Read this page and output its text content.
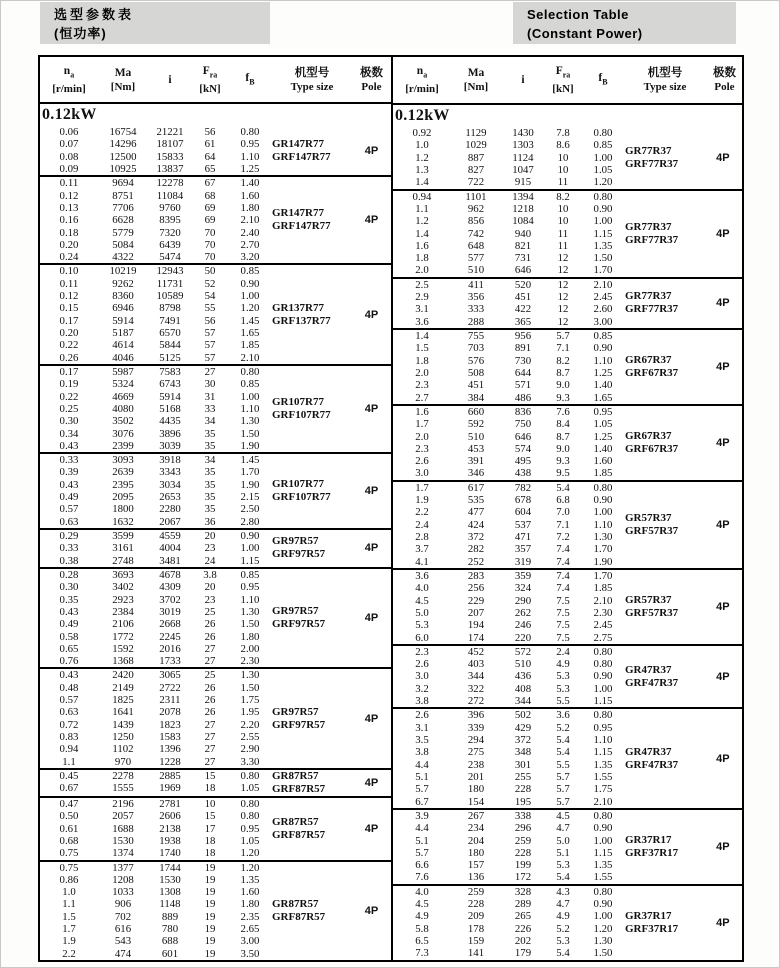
选型参数表
(恒功率)
Selection Table
(Constant Power)
$n_a$
[r/min]
Ma
[Nm]
i
$F_{ra}$
[kN]
$f_B$
机型号
Type size
极数
Pole
0.12kW
0.06	16754	21221	56	0.80
0.07	14296	18107	61	0.95
0.08	12500	15833	64	1.10
0.09	10925	13837	65	1.25
GR147R77
GRF147R77	4P
0.11	9694	12278	67	1.40
0.12	8751	11084	68	1.60
0.13	7706	9760	69	1.80
0.16	6628	8395	69	2.10
0.18	5779	7320	70	2.40
0.20	5084	6439	70	2.70
0.24	4322	5474	70	3.20
GR147R77
GRF147R77	4P
0.10	10219	12943	50	0.85
0.11	9262	11731	52	0.90
0.12	8360	10589	54	1.00
0.15	6946	8798	55	1.20
0.17	5914	7491	56	1.45
0.20	5187	6570	57	1.65
0.22	4614	5844	57	1.85
0.26	4046	5125	57	2.10
GR137R77
GRF137R77	4P
0.17	5987	7583	27	0.80
0.19	5324	6743	30	0.85
0.22	4669	5914	31	1.00
0.25	4080	5168	33	1.10
0.30	3502	4435	34	1.30
0.34	3076	3896	35	1.50
0.43	2399	3039	35	1.90
GR107R77
GRF107R77	4P
0.33	3093	3918	34	1.45
0.39	2639	3343	35	1.70
0.43	2395	3034	35	1.90
0.49	2095	2653	35	2.15
0.57	1800	2280	35	2.50
0.63	1632	2067	36	2.80
GR107R77
GRF107R77	4P
0.29	3599	4559	20	0.90
0.33	3161	4004	23	1.00
0.38	2748	3481	24	1.15
GR97R57
GRF97R57	4P
0.28	3693	4678	3.8	0.85
0.30	3402	4309	20	0.95
0.35	2923	3702	23	1.10
0.43	2384	3019	25	1.30
0.49	2106	2668	26	1.50
0.58	1772	2245	26	1.80
0.65	1592	2016	27	2.00
0.76	1368	1733	27	2.30
GR97R57
GRF97R57	4P
0.43	2420	3065	25	1.30
0.48	2149	2722	26	1.50
0.57	1825	2311	26	1.75
0.63	1641	2078	26	1.95
0.72	1439	1823	27	2.20
0.83	1250	1583	27	2.55
0.94	1102	1396	27	2.90
1.1	970	1228	27	3.30
GR97R57
GRF97R57	4P
0.45	2278	2885	15	0.80
0.67	1555	1969	18	1.05
GR87R57
GRF87R57	4P
0.47	2196	2781	10	0.80
0.50	2057	2606	15	0.80
0.61	1688	2138	17	0.95
0.68	1530	1938	18	1.05
0.75	1374	1740	18	1.20
GR87R57
GRF87R57	4P
0.75	1377	1744	19	1.20
0.86	1208	1530	19	1.35
1.0	1033	1308	19	1.60
1.1	906	1148	19	1.80
1.5	702	889	19	2.35
1.7	616	780	19	2.65
1.9	543	688	19	3.00
2.2	474	601	19	3.50
GR87R57
GRF87R57	4P
$n_a$
[r/min]
Ma
[Nm]
i
$F_{ra}$
[kN]
$f_B$
机型号
Type size
极数
Pole
0.12kW
0.92	1129	1430	7.8	0.80
1.0	1029	1303	8.6	0.85
1.2	887	1124	10	1.00
1.3	827	1047	10	1.05
1.4	722	915	11	1.20
GR77R37
GRF77R37	4P
0.94	1101	1394	8.2	0.80
1.1	962	1218	10	0.90
1.2	856	1084	10	1.00
1.4	742	940	11	1.15
1.6	648	821	11	1.35
1.8	577	731	12	1.50
2.0	510	646	12	1.70
GR77R37
GRF77R37	4P
2.5	411	520	12	2.10
2.9	356	451	12	2.45
3.1	333	422	12	2.60
3.6	288	365	12	3.00
GR77R37
GRF77R37	4P
1.4	755	956	5.7	0.85
1.5	703	891	7.1	0.90
1.8	576	730	8.2	1.10
2.0	508	644	8.7	1.25
2.3	451	571	9.0	1.40
2.7	384	486	9.3	1.65
GR67R37
GRF67R37	4P
1.6	660	836	7.6	0.95
1.7	592	750	8.4	1.05
2.0	510	646	8.7	1.25
2.3	453	574	9.0	1.40
2.6	391	495	9.3	1.60
3.0	346	438	9.5	1.85
GR67R37
GRF67R37	4P
1.7	617	782	5.4	0.80
1.9	535	678	6.8	0.90
2.2	477	604	7.0	1.00
2.4	424	537	7.1	1.10
2.8	372	471	7.2	1.30
3.7	282	357	7.4	1.70
4.1	252	319	7.4	1.90
GR57R37
GRF57R37	4P
3.6	283	359	7.4	1.70
4.0	256	324	7.4	1.85
4.5	229	290	7.5	2.10
5.0	207	262	7.5	2.30
5.3	194	246	7.5	2.45
6.0	174	220	7.5	2.75
GR57R37
GRF57R37	4P
2.3	452	572	2.4	0.80
2.6	403	510	4.9	0.80
3.0	344	436	5.3	0.90
3.2	322	408	5.3	1.00
3.8	272	344	5.5	1.15
GR47R37
GRF47R37	4P
2.6	396	502	3.6	0.80
3.1	339	429	5.2	0.95
3.5	294	372	5.4	1.10
3.8	275	348	5.4	1.15
4.4	238	301	5.5	1.35
5.1	201	255	5.7	1.55
5.7	180	228	5.7	1.75
6.7	154	195	5.7	2.10
GR47R37
GRF47R37	4P
3.9	267	338	4.5	0.80
4.4	234	296	4.7	0.90
5.1	204	259	5.0	1.00
5.7	180	228	5.1	1.15
6.6	157	199	5.3	1.35
7.6	136	172	5.4	1.55
GR37R17
GRF37R17	4P
4.0	259	328	4.3	0.80
4.5	228	289	4.7	0.90
4.9	209	265	4.9	1.00
5.8	178	226	5.2	1.20
6.5	159	202	5.3	1.30
7.3	141	179	5.4	1.50
GR37R17
GRF37R17	4P
